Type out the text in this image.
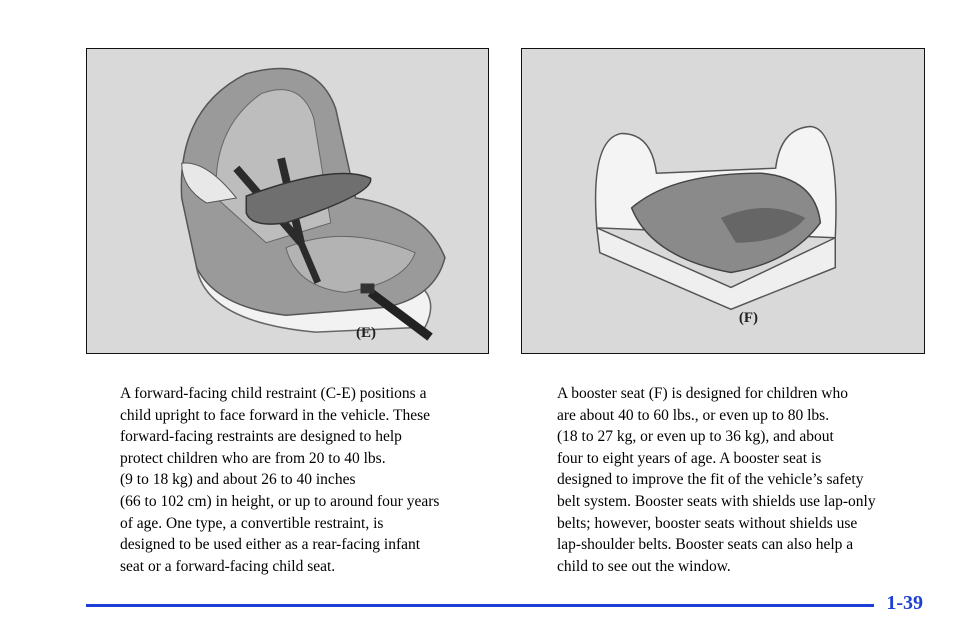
(E)
(F)
A forward-facing child restraint (C-E) positions a
child upright to face forward in the vehicle. These
forward-facing restraints are designed to help
protect children who are from 20 to 40 lbs.
(9 to 18 kg) and about 26 to 40 inches
(66 to 102 cm) in height, or up to around four years
of age. One type, a convertible restraint, is
designed to be used either as a rear-facing infant
seat or a forward-facing child seat.
A booster seat (F) is designed for children who
are about 40 to 60 lbs., or even up to 80 lbs.
(18 to 27 kg, or even up to 36 kg), and about
four to eight years of age. A booster seat is
designed to improve the fit of the vehicle’s safety
belt system. Booster seats with shields use lap-only
belts; however, booster seats without shields use
lap-shoulder belts. Booster seats can also help a
child to see out the window.
1-39
